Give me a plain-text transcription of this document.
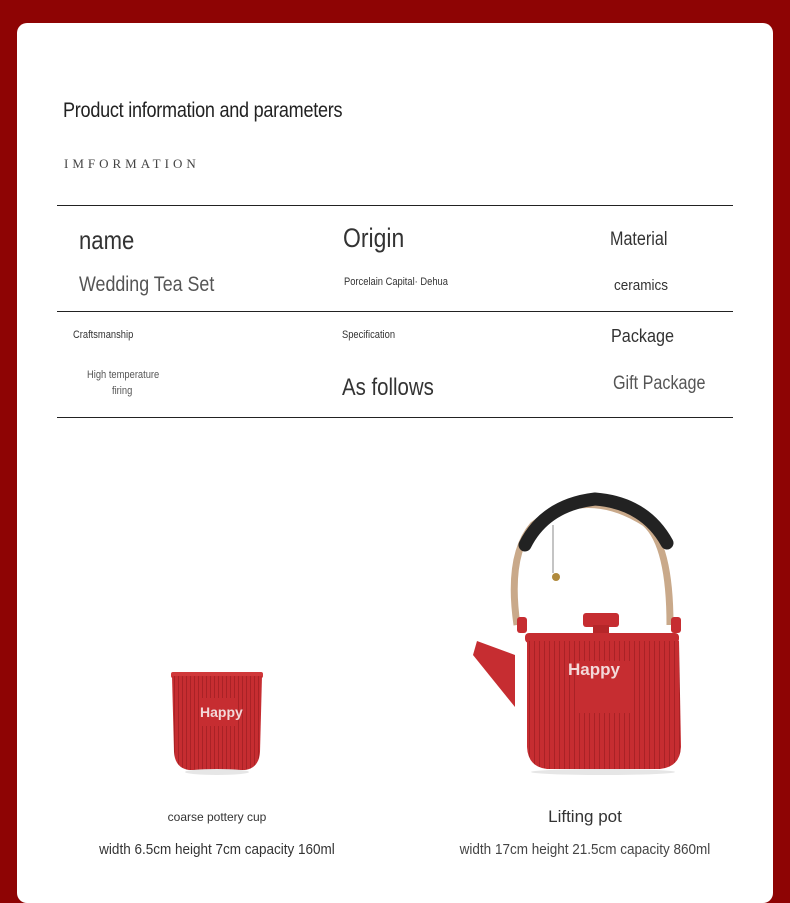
Product information and parameters
IMFORMATION
name
Wedding Tea Set
Origin
Porcelain Capital· Dehua
Material
ceramics
Craftsmanship
High temperature
firing
Specification
As follows
Package
Gift Package
Happy
Happy
coarse pottery cup
width 6.5cm height 7cm capacity 160ml
Lifting pot
width 17cm height 21.5cm capacity 860ml
